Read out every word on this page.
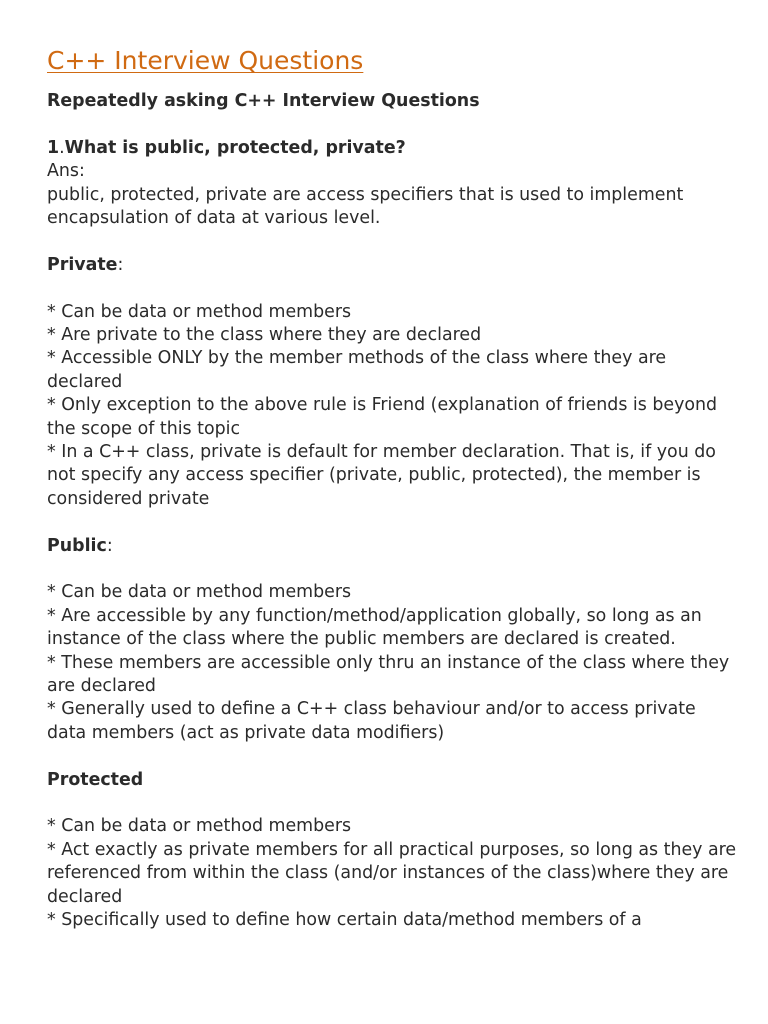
C++ Interview Questions

Repeatedly asking C++ Interview Questions

1.What is public, protected, private?

Ans:

public, protected, private are access specifiers that is used to implement encapsulation of data at various level.

Private:

* Can be data or method members

* Are private to the class where they are declared

* Accessible ONLY by the member methods of the class where they are declared

* Only exception to the above rule is Friend (explanation of friends is beyond the scope of this topic

* In a C++ class, private is default for member declaration. That is, if you do not specify any access specifier (private, public, protected), the member is considered private

Public:

* Can be data or method members

* Are accessible by any function/method/application globally, so long as an instance of the class where the public members are declared is created.

* These members are accessible only thru an instance of the class where they are declared

* Generally used to define a C++ class behaviour and/or to access private data members (act as private data modifiers)

Protected

* Can be data or method members

* Act exactly as private members for all practical purposes, so long as they are referenced from within the class (and/or instances of the class)where they are declared

* Specifically used to define how certain data/method members of a
